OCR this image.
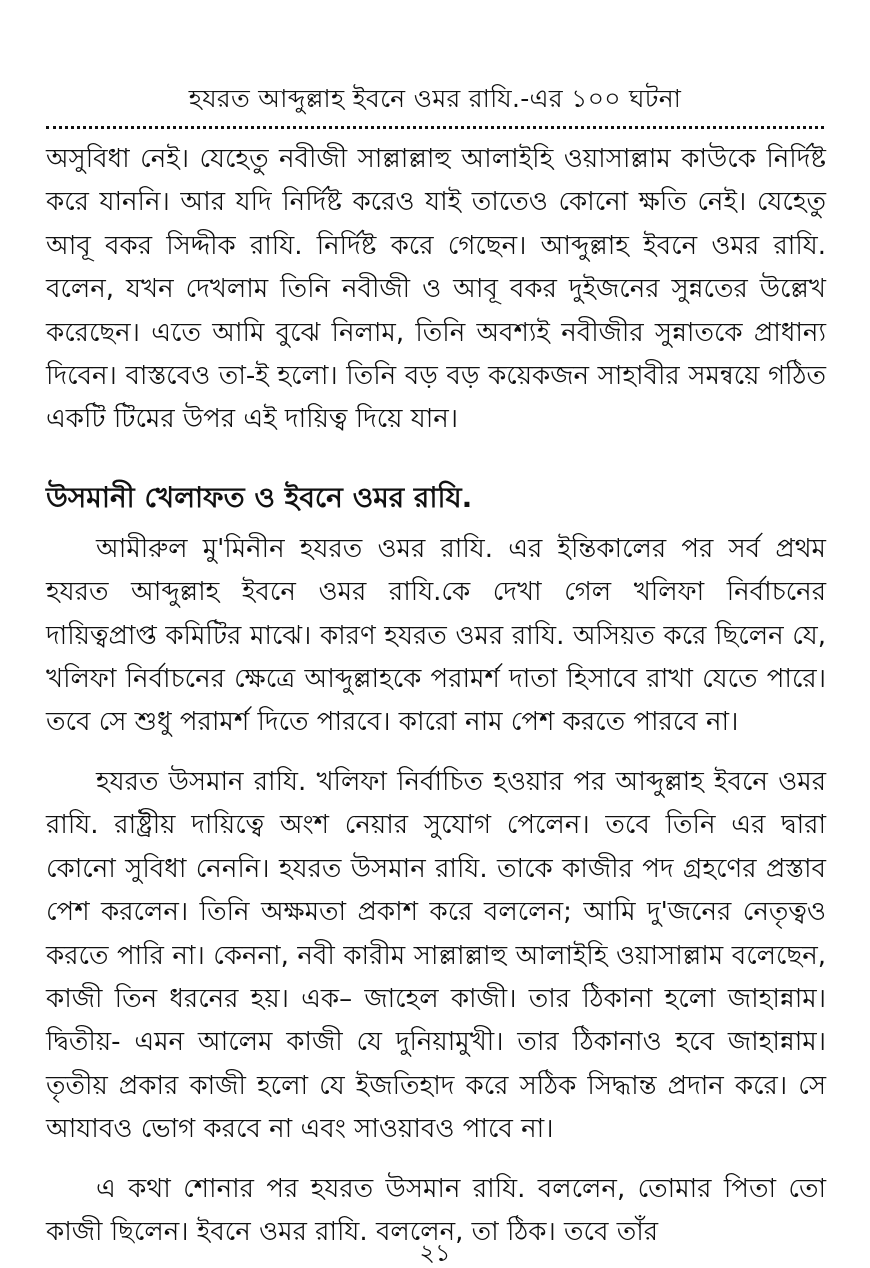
হযরত আব্দুল্লাহ ইবনে ওমর রাযি.-এর ১০০ ঘটনা

অসুবিধা নেই। যেহেতু নবীজী সাল্লাল্লাহু আলাইহি ওয়াসাল্লাম কাউকে নির্দিষ্ট করে যাননি। আর যদি নির্দিষ্ট করেও যাই তাতেও কোনো ক্ষতি নেই। যেহেতু আবূ বকর সিদ্দীক রাযি. নির্দিষ্ট করে গেছেন। আব্দুল্লাহ ইবনে ওমর রাযি. বলেন, যখন দেখলাম তিনি নবীজী ও আবূ বকর দুইজনের সুন্নতের উল্লেখ করেছেন। এতে আমি বুঝে নিলাম, তিনি অবশ্যই নবীজীর সুন্নাতকে প্রাধান্য দিবেন। বাস্তবেও তা-ই হলো। তিনি বড় বড় কয়েকজন সাহাবীর সমন্বয়ে গঠিত একটি টিমের উপর এই দায়িত্ব দিয়ে যান।

উসমানী খেলাফত ও ইবনে ওমর রাযি.

আমীরুল মু'মিনীন হযরত ওমর রাযি. এর ইন্তিকালের পর সর্ব প্রথম হযরত আব্দুল্লাহ ইবনে ওমর রাযি.কে দেখা গেল খলিফা নির্বাচনের দায়িত্বপ্রাপ্ত কমিটির মাঝে। কারণ হযরত ওমর রাযি. অসিয়ত করে ছিলেন যে, খলিফা নির্বাচনের ক্ষেত্রে আব্দুল্লাহকে পরামর্শ দাতা হিসাবে রাখা যেতে পারে। তবে সে শুধু পরামর্শ দিতে পারবে। কারো নাম পেশ করতে পারবে না।

হযরত উসমান রাযি. খলিফা নির্বাচিত হওয়ার পর আব্দুল্লাহ ইবনে ওমর রাযি. রাষ্ট্রীয় দায়িত্বে অংশ নেয়ার সুযোগ পেলেন। তবে তিনি এর দ্বারা কোনো সুবিধা নেননি। হযরত উসমান রাযি. তাকে কাজীর পদ গ্রহণের প্রস্তাব পেশ করলেন। তিনি অক্ষমতা প্রকাশ করে বললেন; আমি দু'জনের নেতৃত্বও করতে পারি না। কেননা, নবী কারীম সাল্লাল্লাহু আলাইহি ওয়াসাল্লাম বলেছেন, কাজী তিন ধরনের হয়। এক– জাহেল কাজী। তার ঠিকানা হলো জাহান্নাম। দ্বিতীয়- এমন আলেম কাজী যে দুনিয়ামুখী। তার ঠিকানাও হবে জাহান্নাম। তৃতীয় প্রকার কাজী হলো যে ইজতিহাদ করে সঠিক সিদ্ধান্ত প্রদান করে। সে আযাবও ভোগ করবে না এবং সাওয়াবও পাবে না।

এ কথা শোনার পর হযরত উসমান রাযি. বললেন, তোমার পিতা তো কাজী ছিলেন। ইবনে ওমর রাযি. বললেন, তা ঠিক। তবে তাঁর

২১
